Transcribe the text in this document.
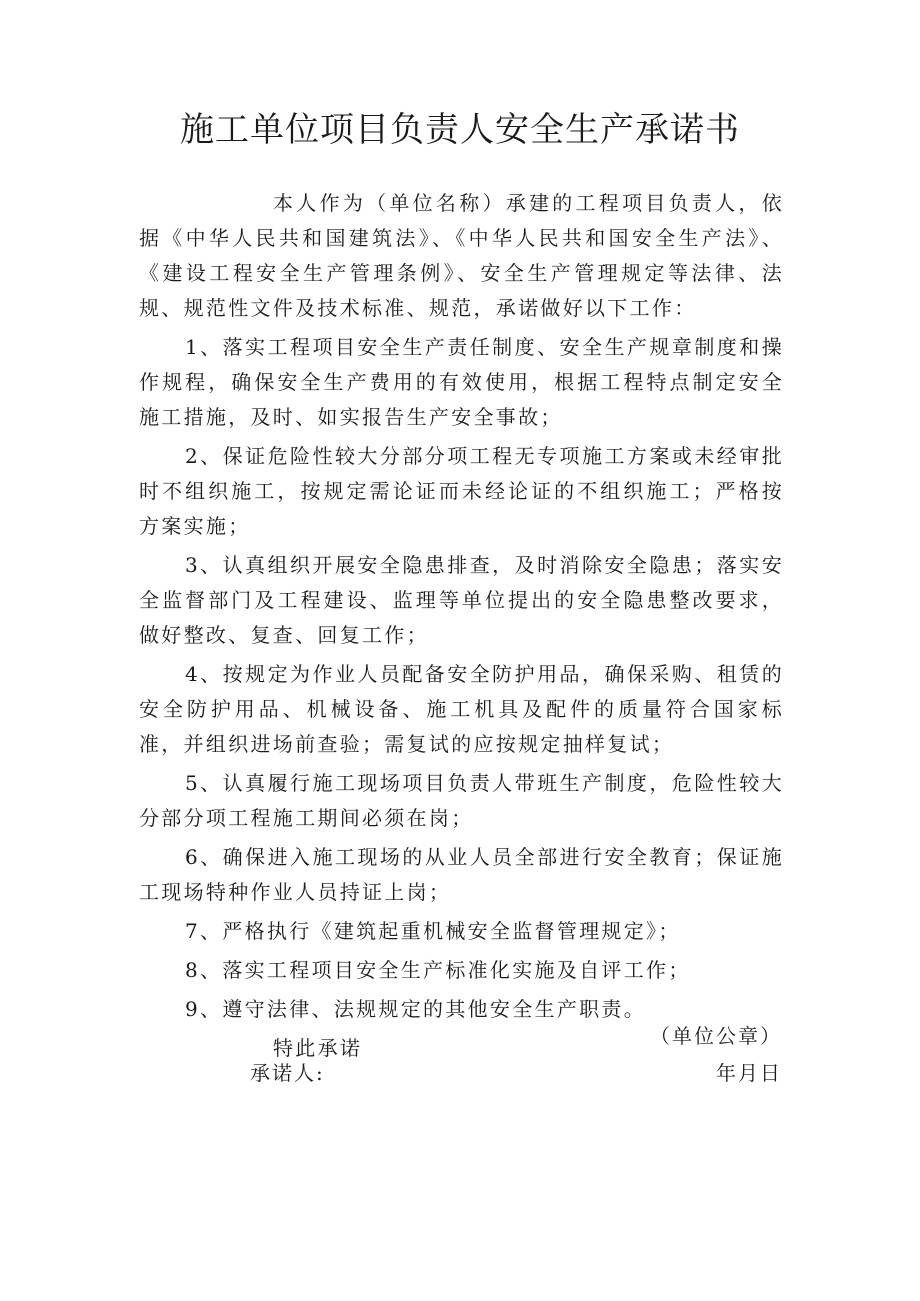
施工单位项目负责人安全生产承诺书

本人作为（单位名称）承建的工程项目负责人，依据《中华人民共和国建筑法》、《中华人民共和国安全生产法》、《建设工程安全生产管理条例》、安全生产管理规定等法律、法规、规范性文件及技术标准、规范，承诺做好以下工作：

1、落实工程项目安全生产责任制度、安全生产规章制度和操作规程，确保安全生产费用的有效使用，根据工程特点制定安全施工措施，及时、如实报告生产安全事故；

2、保证危险性较大分部分项工程无专项施工方案或未经审批时不组织施工，按规定需论证而未经论证的不组织施工；严格按方案实施；

3、认真组织开展安全隐患排查，及时消除安全隐患；落实安全监督部门及工程建设、监理等单位提出的安全隐患整改要求，做好整改、复查、回复工作；

4、按规定为作业人员配备安全防护用品，确保采购、租赁的安全防护用品、机械设备、施工机具及配件的质量符合国家标准，并组织进场前查验；需复试的应按规定抽样复试；

5、认真履行施工现场项目负责人带班生产制度，危险性较大分部分项工程施工期间必须在岗；

6、确保进入施工现场的从业人员全部进行安全教育；保证施工现场特种作业人员持证上岗；

7、严格执行《建筑起重机械安全监督管理规定》；

8、落实工程项目安全生产标准化实施及自评工作；

9、遵守法律、法规规定的其他安全生产职责。

特此承诺	（单位公章）
承诺人:	年月日
